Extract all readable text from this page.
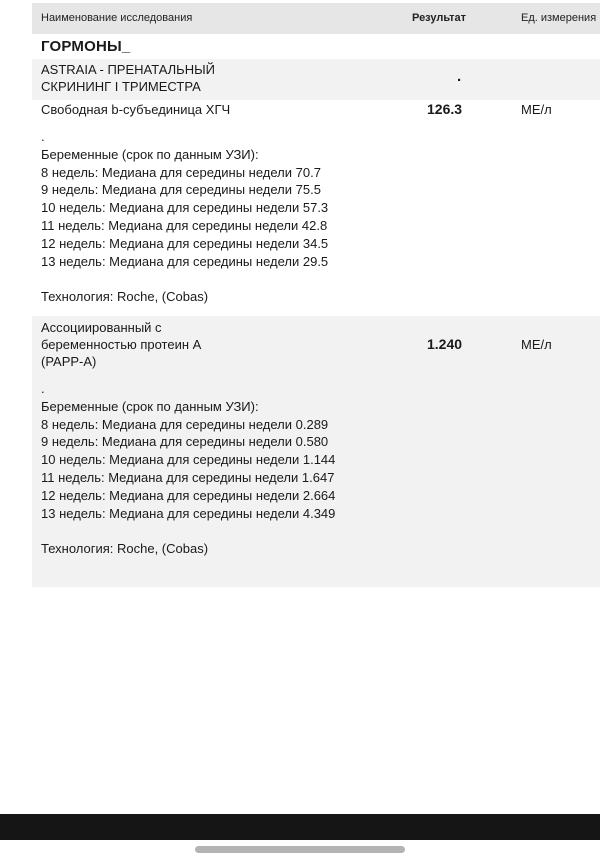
Наименование исследования	Результат	Ед. измерения
ГОРМОНЫ_
ASTRAIA - ПРЕНАТАЛЬНЫЙ
СКРИНИНГ I ТРИМЕСТРА
.
Свободная b-субъединица ХГЧ	126.3	МЕ/л
.
Беременные (срок по данным УЗИ):
8 недель: Медиана для середины недели 70.7
9 недель: Медиана для середины недели 75.5
10 недель: Медиана для середины недели 57.3
11 недель: Медиана для середины недели 42.8
12 недель: Медиана для середины недели 34.5
13 недель: Медиана для середины недели 29.5

Технология: Roche, (Cobas)
Ассоциированный с
беременностью протеин А
(PAPP-A)
1.240	МЕ/л
.
Беременные (срок по данным УЗИ):
8 недель: Медиана для середины недели 0.289
9 недель: Медиана для середины недели 0.580
10 недель: Медиана для середины недели 1.144
11 недель: Медиана для середины недели 1.647
12 недель: Медиана для середины недели 2.664
13 недель: Медиана для середины недели 4.349

Технология: Roche, (Cobas)
